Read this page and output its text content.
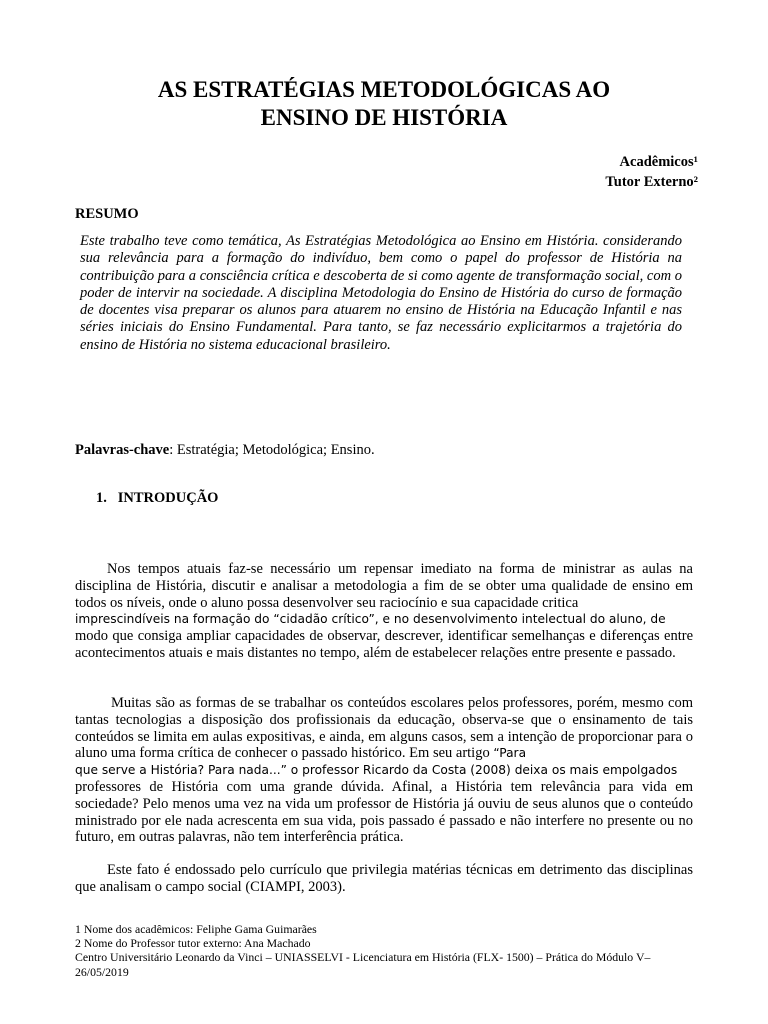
AS ESTRATÉGIAS METODOLÓGICAS AO
ENSINO DE HISTÓRIA
Acadêmicos¹
Tutor Externo²
RESUMO
Este trabalho teve como temática, As Estratégias Metodológica ao Ensino em História. considerando sua relevância para a formação do indivíduo, bem como o papel do professor de História na contribuição para a consciência crítica e descoberta de si como agente de transformação social, com o poder de intervir na sociedade. A disciplina Metodologia do Ensino de História do curso de formação de docentes visa preparar os alunos para atuarem no ensino de História na Educação Infantil e nas séries iniciais do Ensino Fundamental. Para tanto, se faz necessário explicitarmos a trajetória do ensino de História no sistema educacional brasileiro.
Palavras-chave: Estratégia; Metodológica; Ensino.
1.   INTRODUÇÃO
Nos tempos atuais faz-se necessário um repensar imediato na forma de ministrar as aulas na disciplina de História, discutir e analisar a metodologia a fim de se obter uma qualidade de ensino em todos os níveis, onde o aluno possa desenvolver seu raciocínio e sua capacidade critica
imprescindíveis na formação do “cidadão crítico”, e no desenvolvimento intelectual do aluno, de
modo que consiga ampliar capacidades de observar, descrever, identificar semelhanças e diferenças entre acontecimentos atuais e mais distantes no tempo, além de estabelecer relações entre presente e passado.
Muitas são as formas de se trabalhar os conteúdos escolares pelos professores, porém, mesmo com tantas tecnologias a disposição dos profissionais da educação, observa-se que o ensinamento de tais conteúdos se limita em aulas expositivas, e ainda, em alguns casos, sem a intenção de proporcionar para o aluno uma forma crítica de conhecer o passado histórico. Em seu artigo “Para
que serve a História? Para nada...” o professor Ricardo da Costa (2008) deixa os mais empolgados
professores de História com uma grande dúvida. Afinal, a História tem relevância para vida em sociedade? Pelo menos uma vez na vida um professor de História já ouviu de seus alunos que o conteúdo ministrado por ele nada acrescenta em sua vida, pois passado é passado e não interfere no presente ou no futuro, em outras palavras, não tem interferência prática.
Este fato é endossado pelo currículo que privilegia matérias técnicas em detrimento das disciplinas que analisam o campo social (CIAMPI, 2003).
1 Nome dos acadêmicos: Feliphe Gama Guimarães
2 Nome do Professor tutor externo: Ana Machado
Centro Universitário Leonardo da Vinci – UNIASSELVI - Licenciatura em História (FLX- 1500) – Prática do Módulo V– 26/05/2019
